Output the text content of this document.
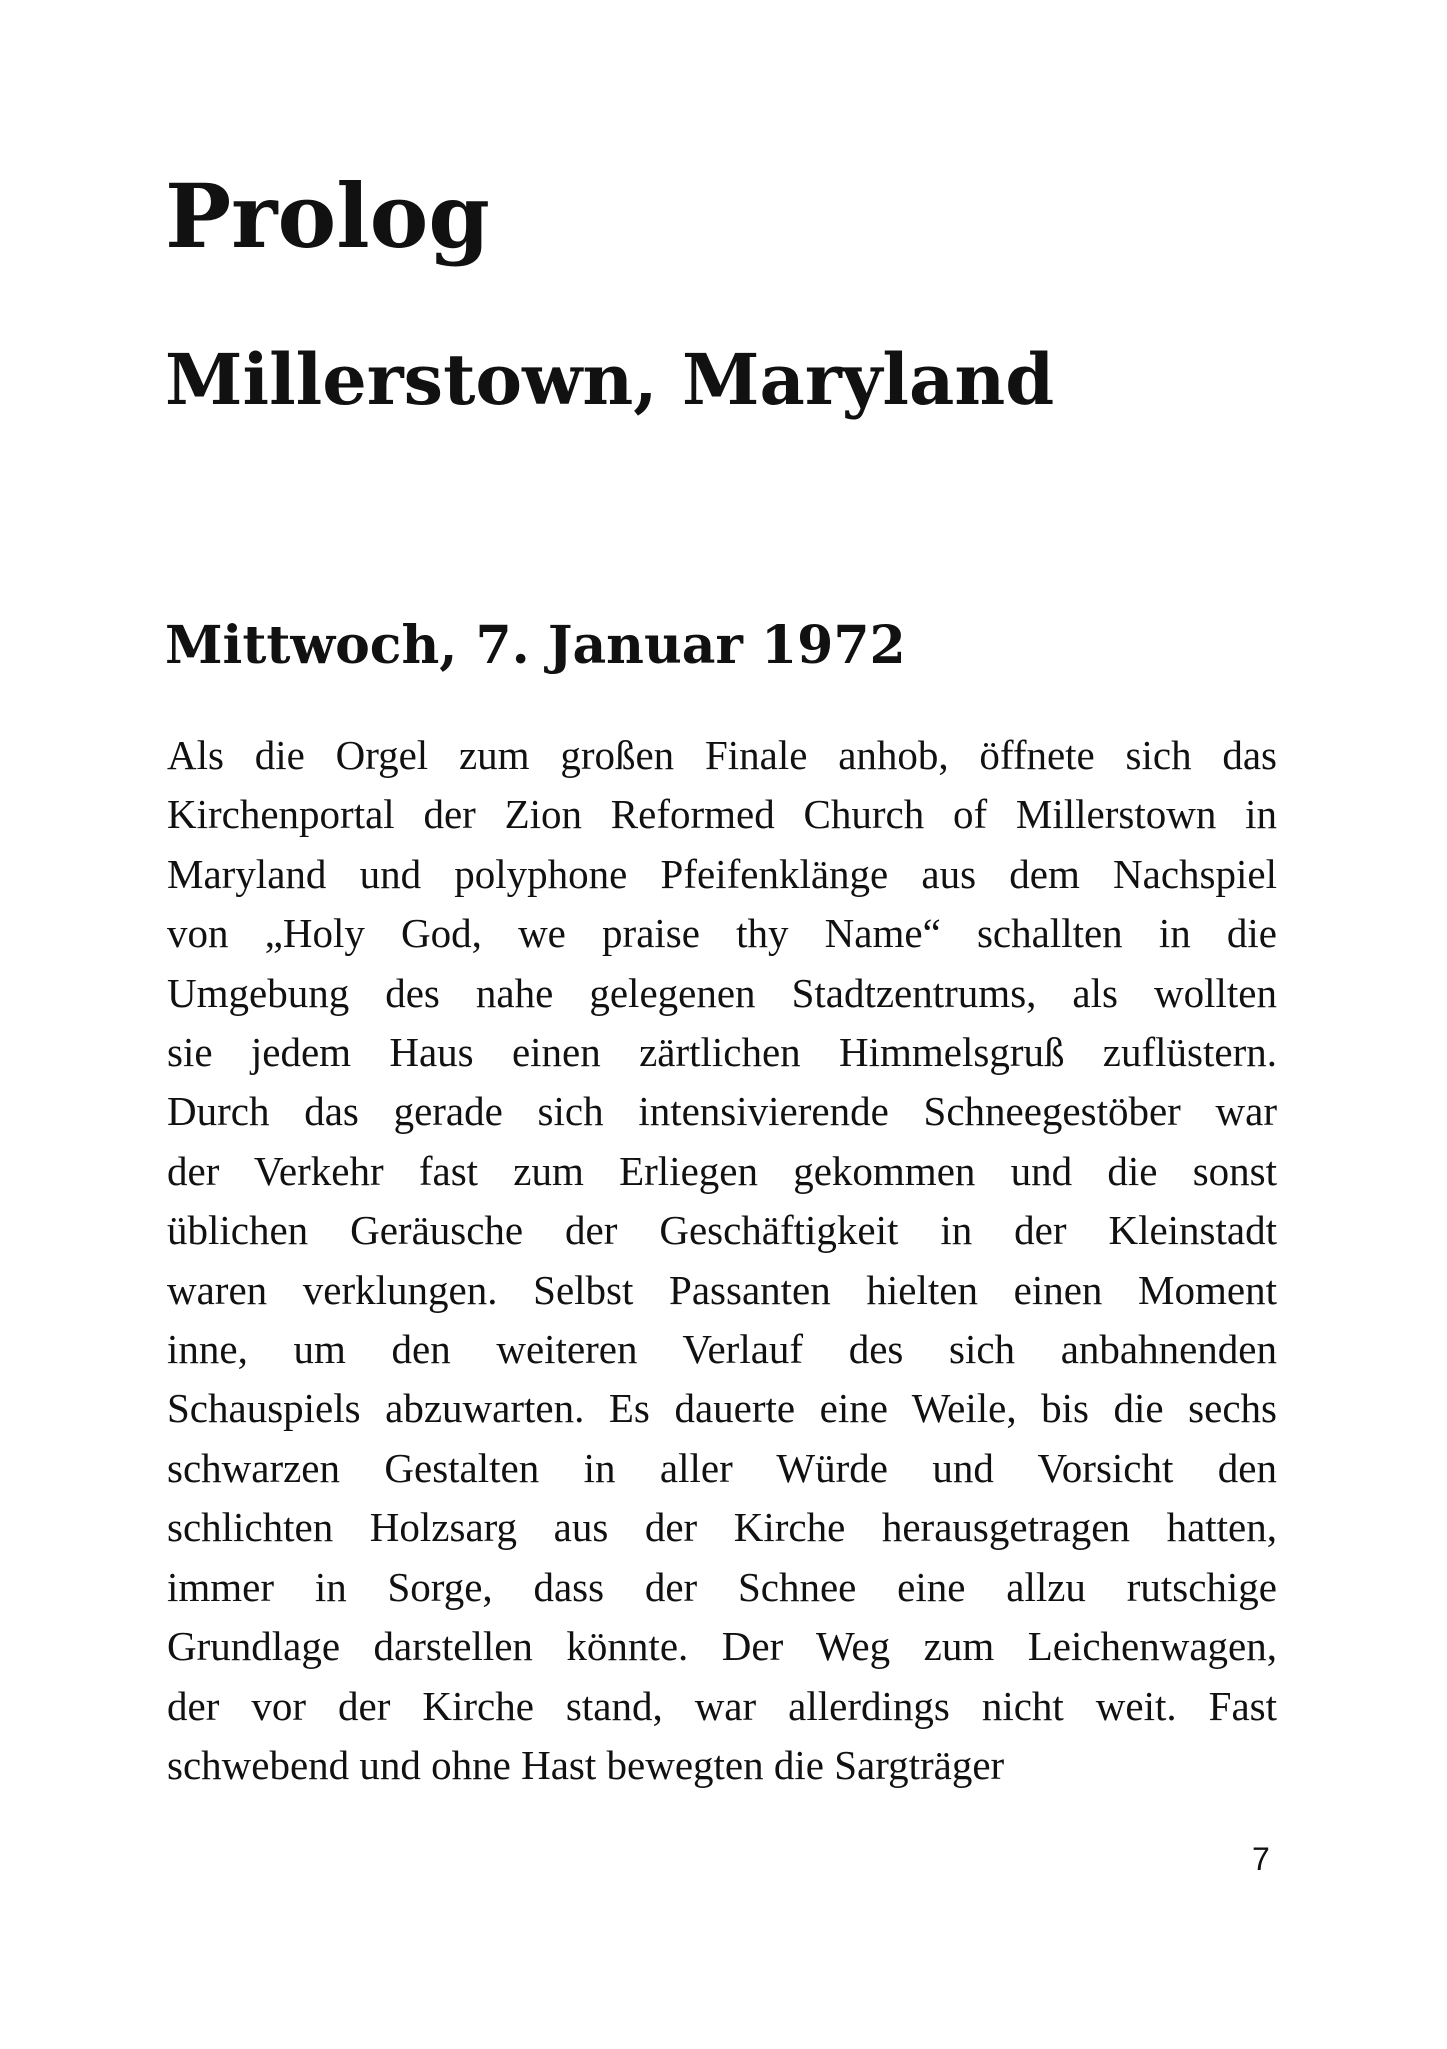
Prolog
Millerstown, Maryland
Mittwoch, 7. Januar 1972
Als die Orgel zum großen Finale anhob, öffnete sich das
Kirchenportal der Zion Reformed Church of Millerstown in
Maryland und polyphone Pfeifenklänge aus dem Nachspiel
von „Holy God, we praise thy Name“ schallten in die
Umgebung des nahe gelegenen Stadtzentrums, als wollten
sie jedem Haus einen zärtlichen Himmelsgruß zuflüstern.
Durch das gerade sich intensivierende Schneegestöber war
der Verkehr fast zum Erliegen gekommen und die sonst
üblichen Geräusche der Geschäftigkeit in der Kleinstadt
waren verklungen. Selbst Passanten hielten einen Moment
inne, um den weiteren Verlauf des sich anbahnenden
Schauspiels abzuwarten. Es dauerte eine Weile, bis die sechs
schwarzen Gestalten in aller Würde und Vorsicht den
schlichten Holzsarg aus der Kirche herausgetragen hatten,
immer in Sorge, dass der Schnee eine allzu rutschige
Grundlage darstellen könnte. Der Weg zum Leichenwagen,
der vor der Kirche stand, war allerdings nicht weit. Fast
schwebend und ohne Hast bewegten die Sargträger
7
